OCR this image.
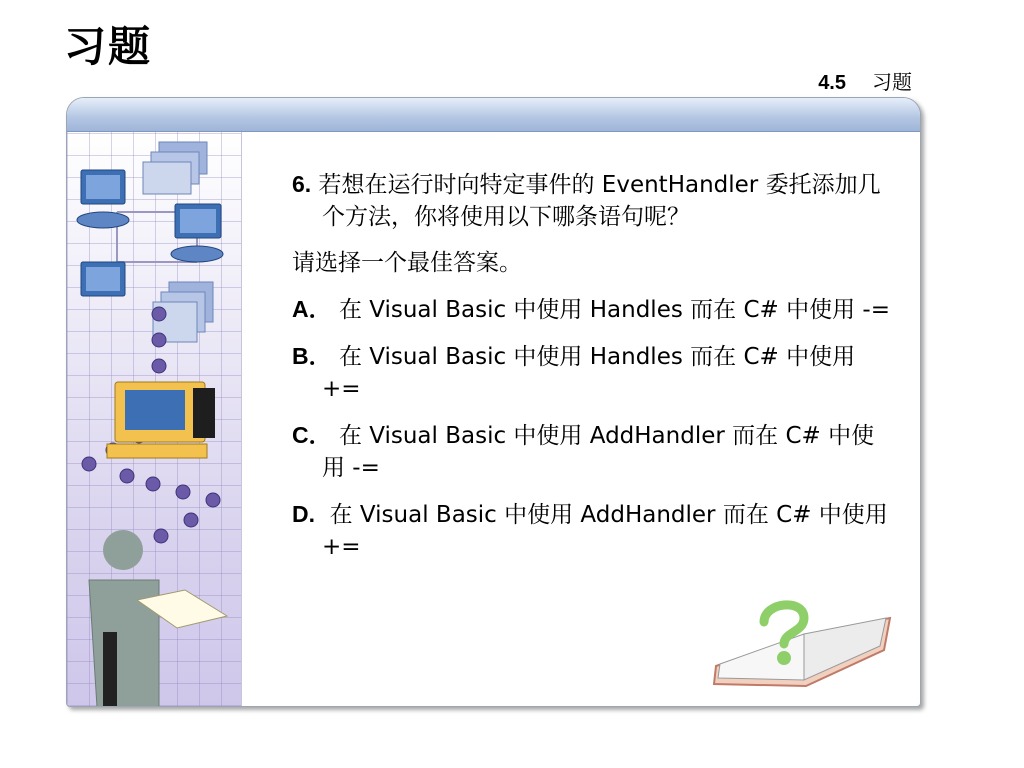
习题
4.5 习题

6. 若想在运行时向特定事件的 EventHandler 委托添加几个方法，你将使用以下哪条语句呢？

请选择一个最佳答案。

A． 在 Visual Basic 中使用 Handles 而在 C# 中使用 -=

B． 在 Visual Basic 中使用 Handles 而在 C# 中使用 +=

C． 在 Visual Basic 中使用 AddHandler 而在 C# 中使用 -=

D. 在 Visual Basic 中使用 AddHandler 而在 C# 中使用 +=
